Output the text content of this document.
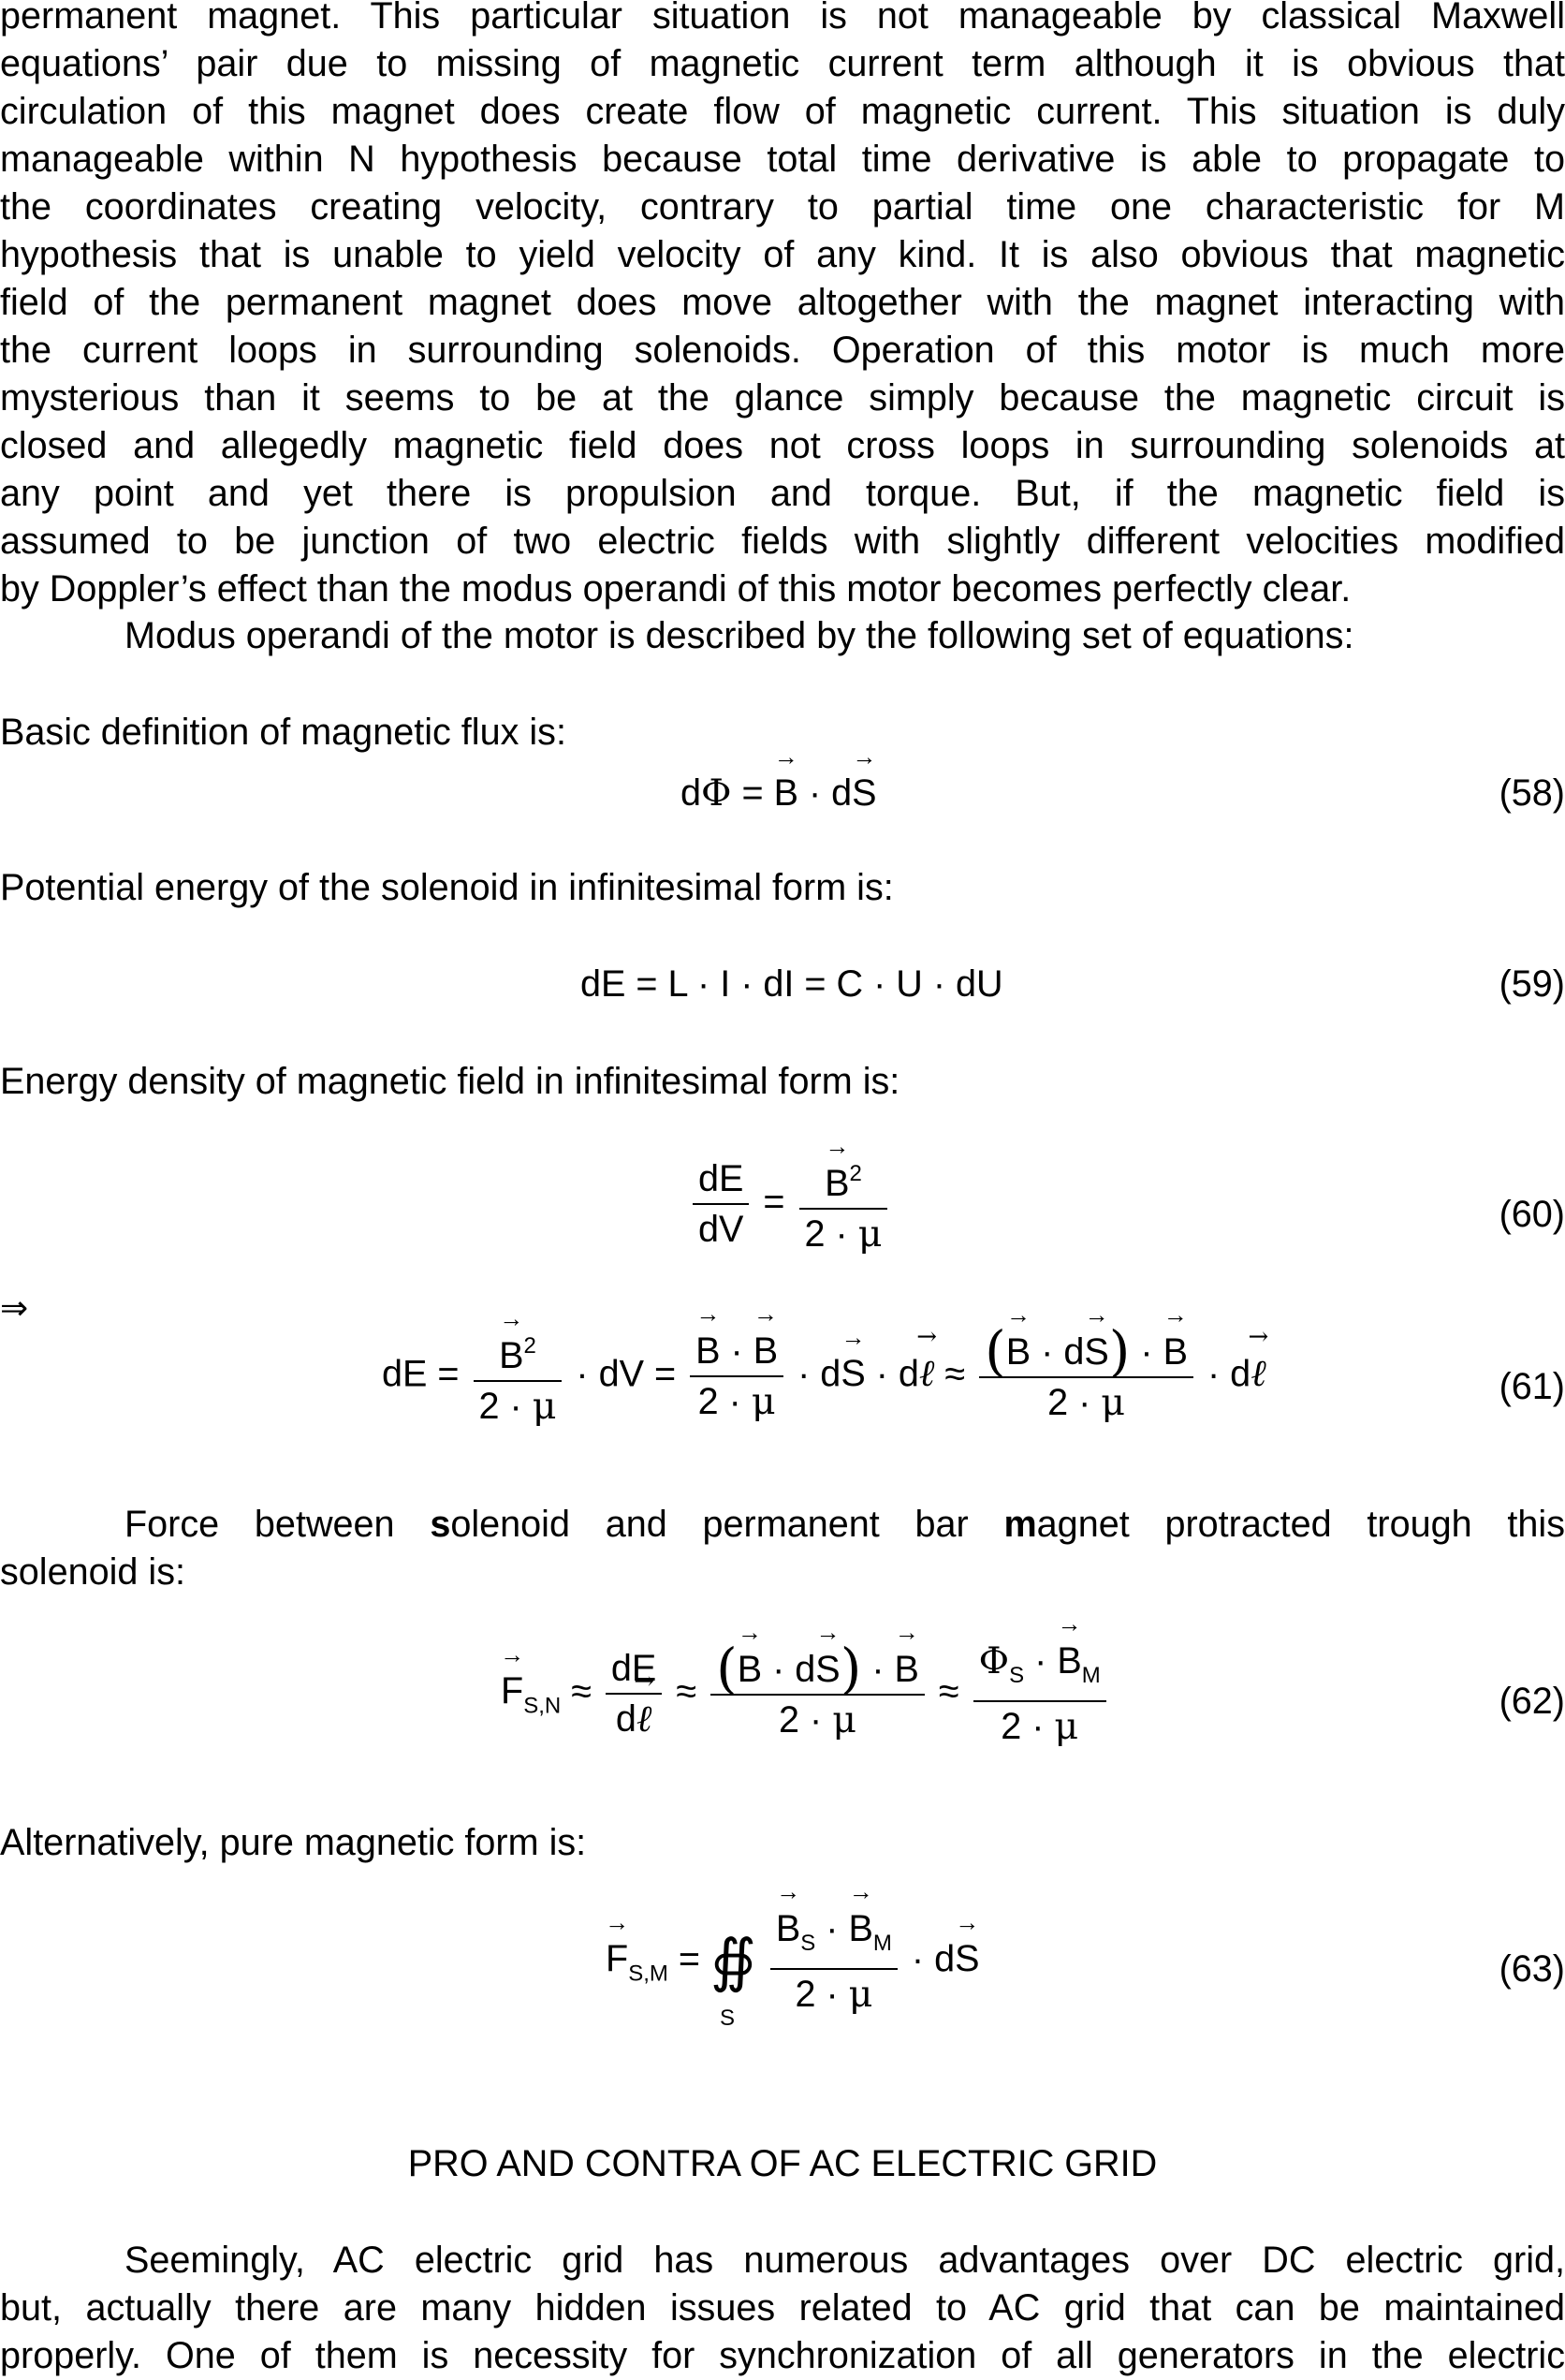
permanent magnet. This particular situation is not manageable by classical Maxwell
equations’ pair due to missing of magnetic current term although it is obvious that
circulation of this magnet does create flow of magnetic current. This situation is duly
manageable within N hypothesis because total time derivative is able to propagate to
the coordinates creating velocity, contrary to partial time one characteristic for M
hypothesis that is unable to yield velocity of any kind. It is also obvious that magnetic
field of the permanent magnet does move altogether with the magnet interacting with
the current loops in surrounding solenoids. Operation of this motor is much more
mysterious than it seems to be at the glance simply because the magnetic circuit is
closed and allegedly magnetic field does not cross loops in surrounding solenoids at
any point and yet there is propulsion and torque. But, if the magnetic field is
assumed to be junction of two electric fields with slightly different velocities modified
by Doppler’s effect than the modus operandi of this motor becomes perfectly clear.
Modus operandi of the motor is described by the following set of equations:
Basic definition of magnetic flux is:
dΦ = → B · d→ S	(58)
Potential energy of the solenoid in infinitesimal form is:
dE = L · I · dI = C · U · dU	(59)
Energy density of magnetic field in infinitesimal form is:
$\frac{dE}{dV}$ = → $\frac{B^2}{2 \cdot \mu}$	(60)
⇒
dE = → $\frac{B^2}{2 \cdot \mu}$ · dV = → $\frac{B \cdot \to B}{2 \cdot \mu} \cdot d\to S \cdot d\to$ ℓ ≈ $\frac{(\to B \cdot d\to S) \cdot \to B}{2 \cdot \mu} \cdot d\to$ ℓ	(61)
Force between solenoid and permanent bar magnet protracted trough this
solenoid is:
→ $F_{S,N} \approx \frac{dE}{\text{d→ ℓ}} \approx \frac{(\to B \cdot d\to S) \cdot \to B}{2 \cdot \mu} \approx \frac{\Phi_S \cdot \to B_M}{2 \cdot \mu}$	(62)
Alternatively, pure magnetic form is:
→ $F_{S,M}$ = ∯
S
→ $\frac{B_S \cdot \to B_M}{2 \cdot \mu} \cdot d\to S$	(63)
PRO AND CONTRA OF AC ELECTRIC GRID
Seemingly, AC electric grid has numerous advantages over DC electric grid,
but, actually there are many hidden issues related to AC grid that can be maintained
properly. One of them is necessity for synchronization of all generators in the electric
